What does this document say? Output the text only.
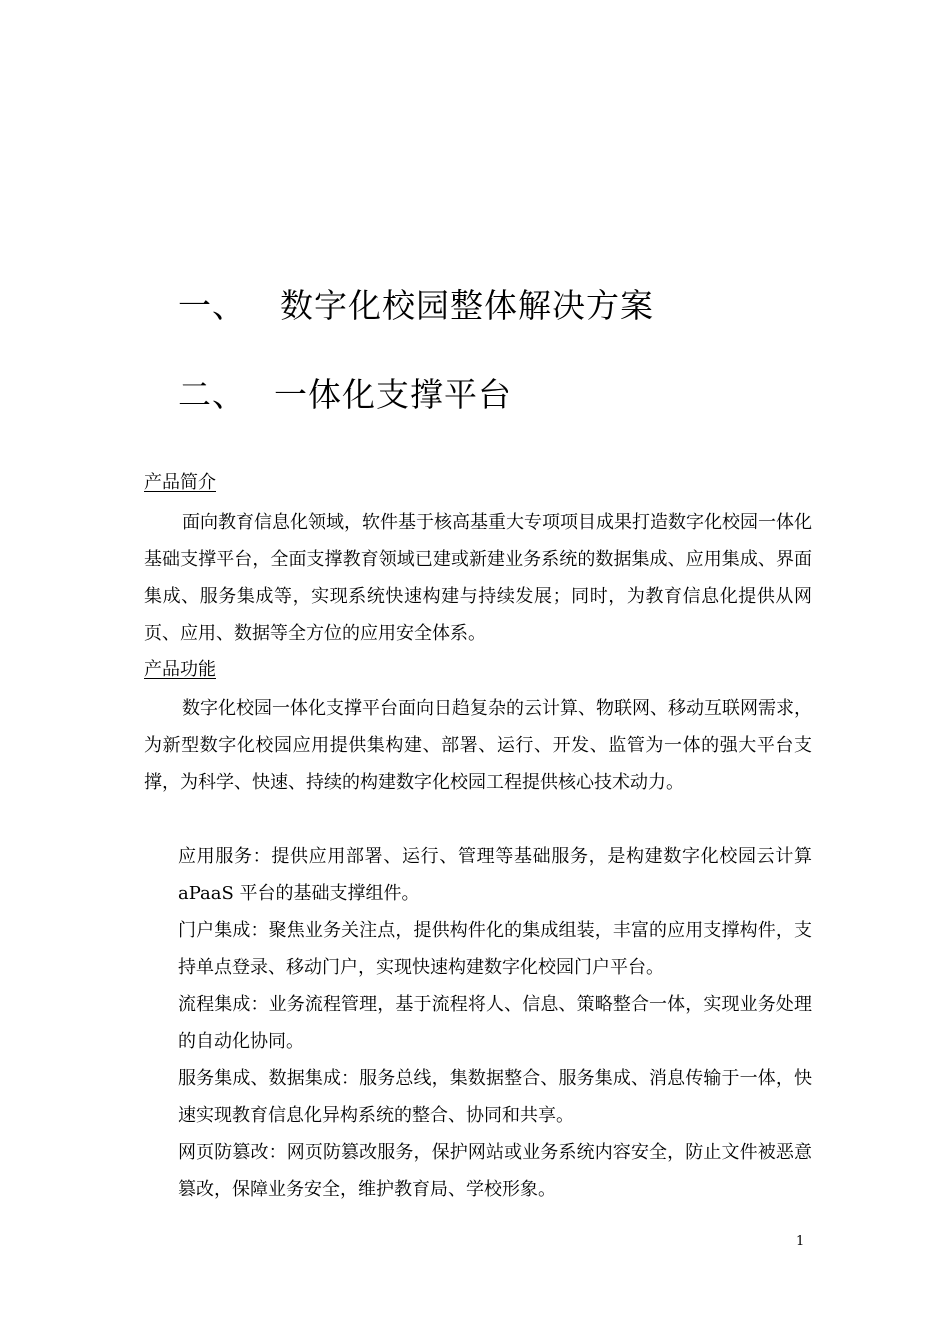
一、 数字化校园整体解决方案
二、 一体化支撑平台
产品简介

面向教育信息化领域，软件基于核高基重大专项项目成果打造数字化校园一体化基础支撑平台，全面支撑教育领域已建或新建业务系统的数据集成、应用集成、界面集成、服务集成等，实现系统快速构建与持续发展；同时，为教育信息化提供从网页、应用、数据等全方位的应用安全体系。

产品功能

数字化校园一体化支撑平台面向日趋复杂的云计算、物联网、移动互联网需求，为新型数字化校园应用提供集构建、部署、运行、开发、监管为一体的强大平台支撑，为科学、快速、持续的构建数字化校园工程提供核心技术动力。

应用服务：提供应用部署、运行、管理等基础服务，是构建数字化校园云计算 aPaaS 平台的基础支撑组件。
门户集成：聚焦业务关注点，提供构件化的集成组装，丰富的应用支撑构件，支持单点登录、移动门户，实现快速构建数字化校园门户平台。
流程集成：业务流程管理，基于流程将人、信息、策略整合一体，实现业务处理的自动化协同。
服务集成、数据集成：服务总线，集数据整合、服务集成、消息传输于一体，快速实现教育信息化异构系统的整合、协同和共享。
网页防篡改：网页防篡改服务，保护网站或业务系统内容安全，防止文件被恶意篡改，保障业务安全，维护教育局、学校形象。
1
